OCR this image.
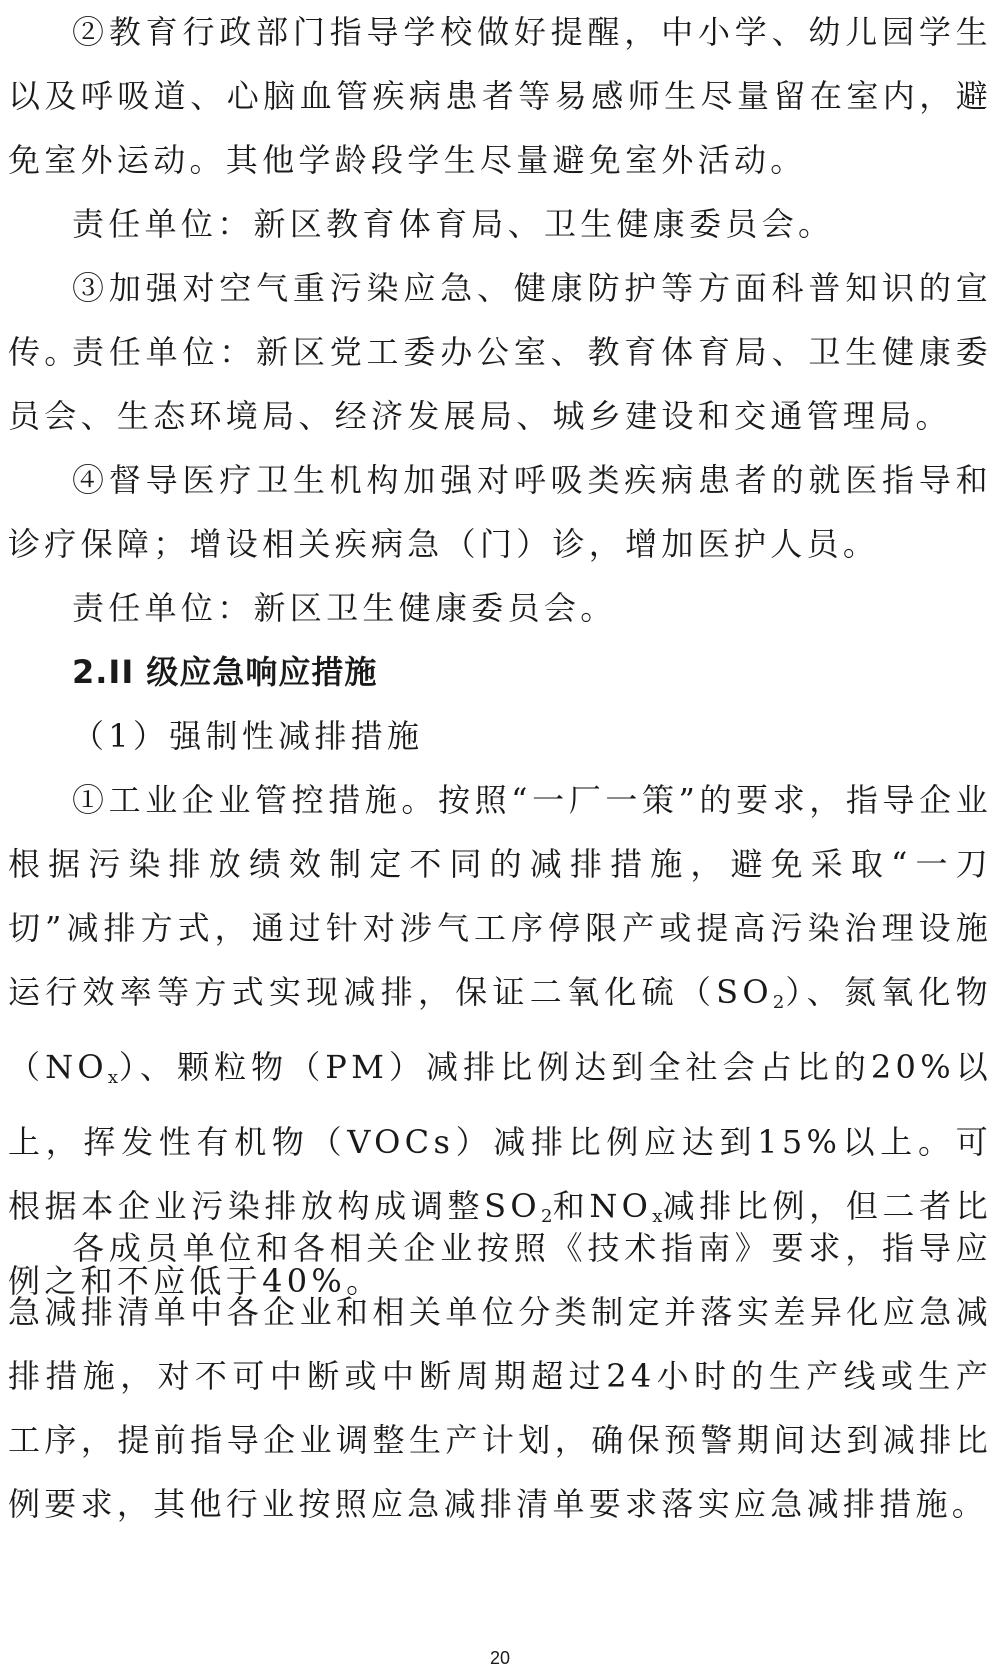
②教育行政部门指导学校做好提醒，中小学、幼儿园学生以及呼吸道、心脑血管疾病患者等易感师生尽量留在室内，避免室外运动。其他学龄段学生尽量避免室外活动。

责任单位：新区教育体育局、卫生健康委员会。

③加强对空气重污染应急、健康防护等方面科普知识的宣传。

责任单位：新区党工委办公室、教育体育局、卫生健康委员会、生态环境局、经济发展局、城乡建设和交通管理局。

④督导医疗卫生机构加强对呼吸类疾病患者的就医指导和诊疗保障；增设相关疾病急（门）诊，增加医护人员。

责任单位：新区卫生健康委员会。

2.II 级应急响应措施

（1）强制性减排措施

①工业企业管控措施。按照“一厂一策”的要求，指导企业根据污染排放绩效制定不同的减排措施，避免采取“一刀切”减排方式，通过针对涉气工序停限产或提高污染治理设施运行效率等方式实现减排，保证二氧化硫$(SO_2)$、氮氧化物$(NO_x)$、颗粒物（PM）减排比例达到全社会占比的20%以上，挥发性有机物（VOCs）减排比例应达到15%以上。可根据本企业污染排放构成调整$SO_2$和$NO_x$减排比例，但二者比例之和不应低于40%。

各成员单位和各相关企业按照《技术指南》要求，指导应急减排清单中各企业和相关单位分类制定并落实差异化应急减排措施，对不可中断或中断周期超过24小时的生产线或生产工序，提前指导企业调整生产计划，确保预警期间达到减排比例要求，其他行业按照应急减排清单要求落实应急减排措施。

20
